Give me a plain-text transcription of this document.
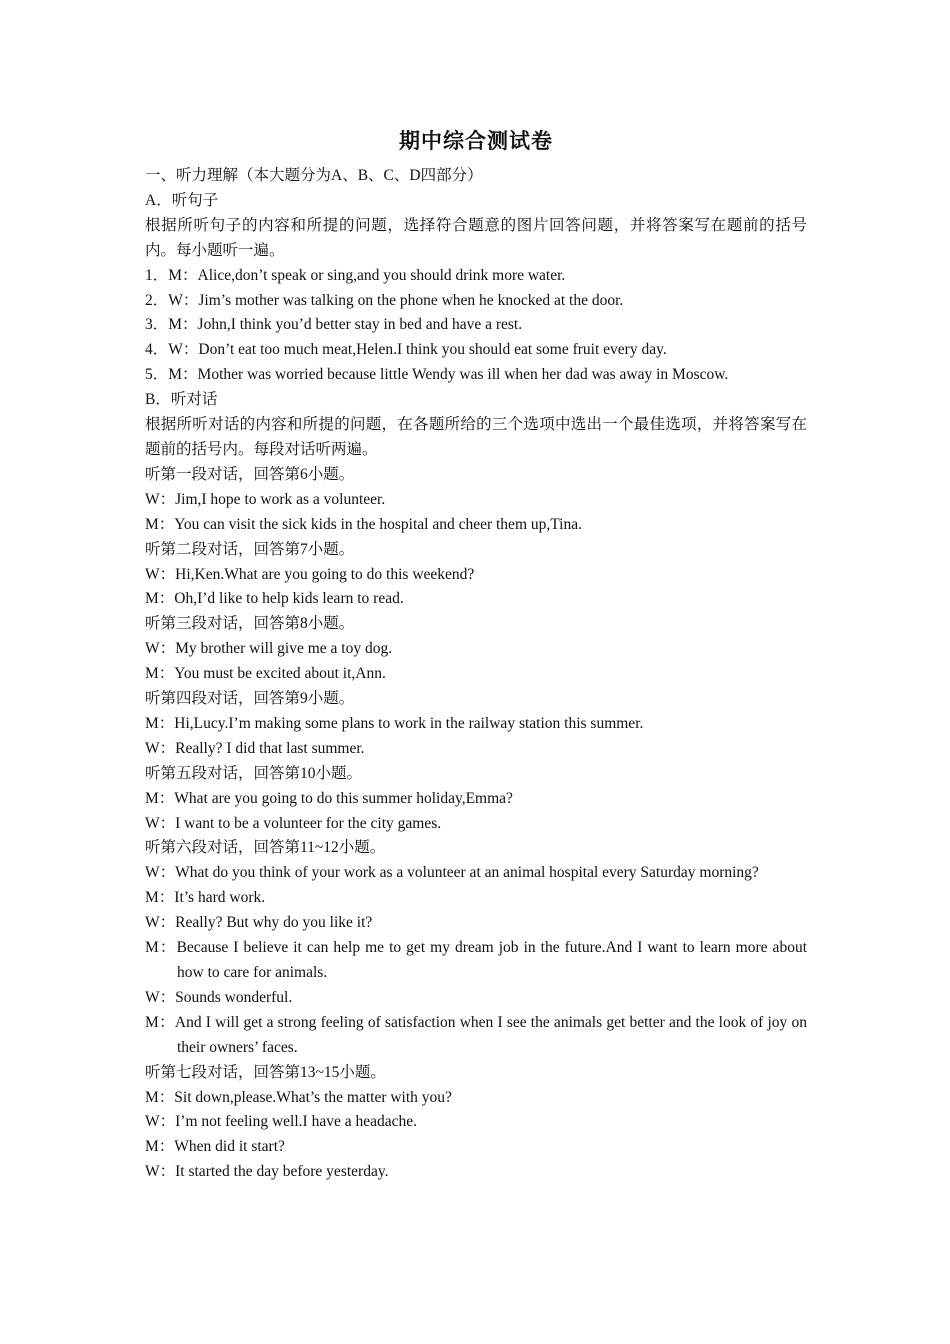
期中综合测试卷
一、听力理解（本大题分为A、B、C、D四部分）
A．听句子
根据所听句子的内容和所提的问题，选择符合题意的图片回答问题，并将答案写在题前的括号内。每小题听一遍。
1．M：Alice,don’t speak or sing,and you should drink more water.
2．W：Jim’s mother was talking on the phone when he knocked at the door.
3．M：John,I think you’d better stay in bed and have a rest.
4．W：Don’t eat too much meat,Helen.I think you should eat some fruit every day.
5．M：Mother was worried because little Wendy was ill when her dad was away in Moscow.
B．听对话
根据所听对话的内容和所提的问题，在各题所给的三个选项中选出一个最佳选项，并将答案写在题前的括号内。每段对话听两遍。
听第一段对话，回答第6小题。
W：Jim,I hope to work as a volunteer.
M：You can visit the sick kids in the hospital and cheer them up,Tina.
听第二段对话，回答第7小题。
W：Hi,Ken.What are you going to do this weekend?
M：Oh,I’d like to help kids learn to read.
听第三段对话，回答第8小题。
W：My brother will give me a toy dog.
M：You must be excited about it,Ann.
听第四段对话，回答第9小题。
M：Hi,Lucy.I’m making some plans to work in the railway station this summer.
W：Really? I did that last summer.
听第五段对话，回答第10小题。
M：What are you going to do this summer holiday,Emma?
W：I want to be a volunteer for the city games.
听第六段对话，回答第11~12小题。
W：What do you think of your work as a volunteer at an animal hospital every Saturday morning?
M：It’s hard work.
W：Really? But why do you like it?
M：Because I believe it can help me to get my dream job in the future.And I want to learn more about how to care for animals.
W：Sounds wonderful.
M：And I will get a strong feeling of satisfaction when I see the animals get better and the look of joy on their owners’ faces.
听第七段对话，回答第13~15小题。
M：Sit down,please.What’s the matter with you?
W：I’m not feeling well.I have a headache.
M：When did it start?
W：It started the day before yesterday.
